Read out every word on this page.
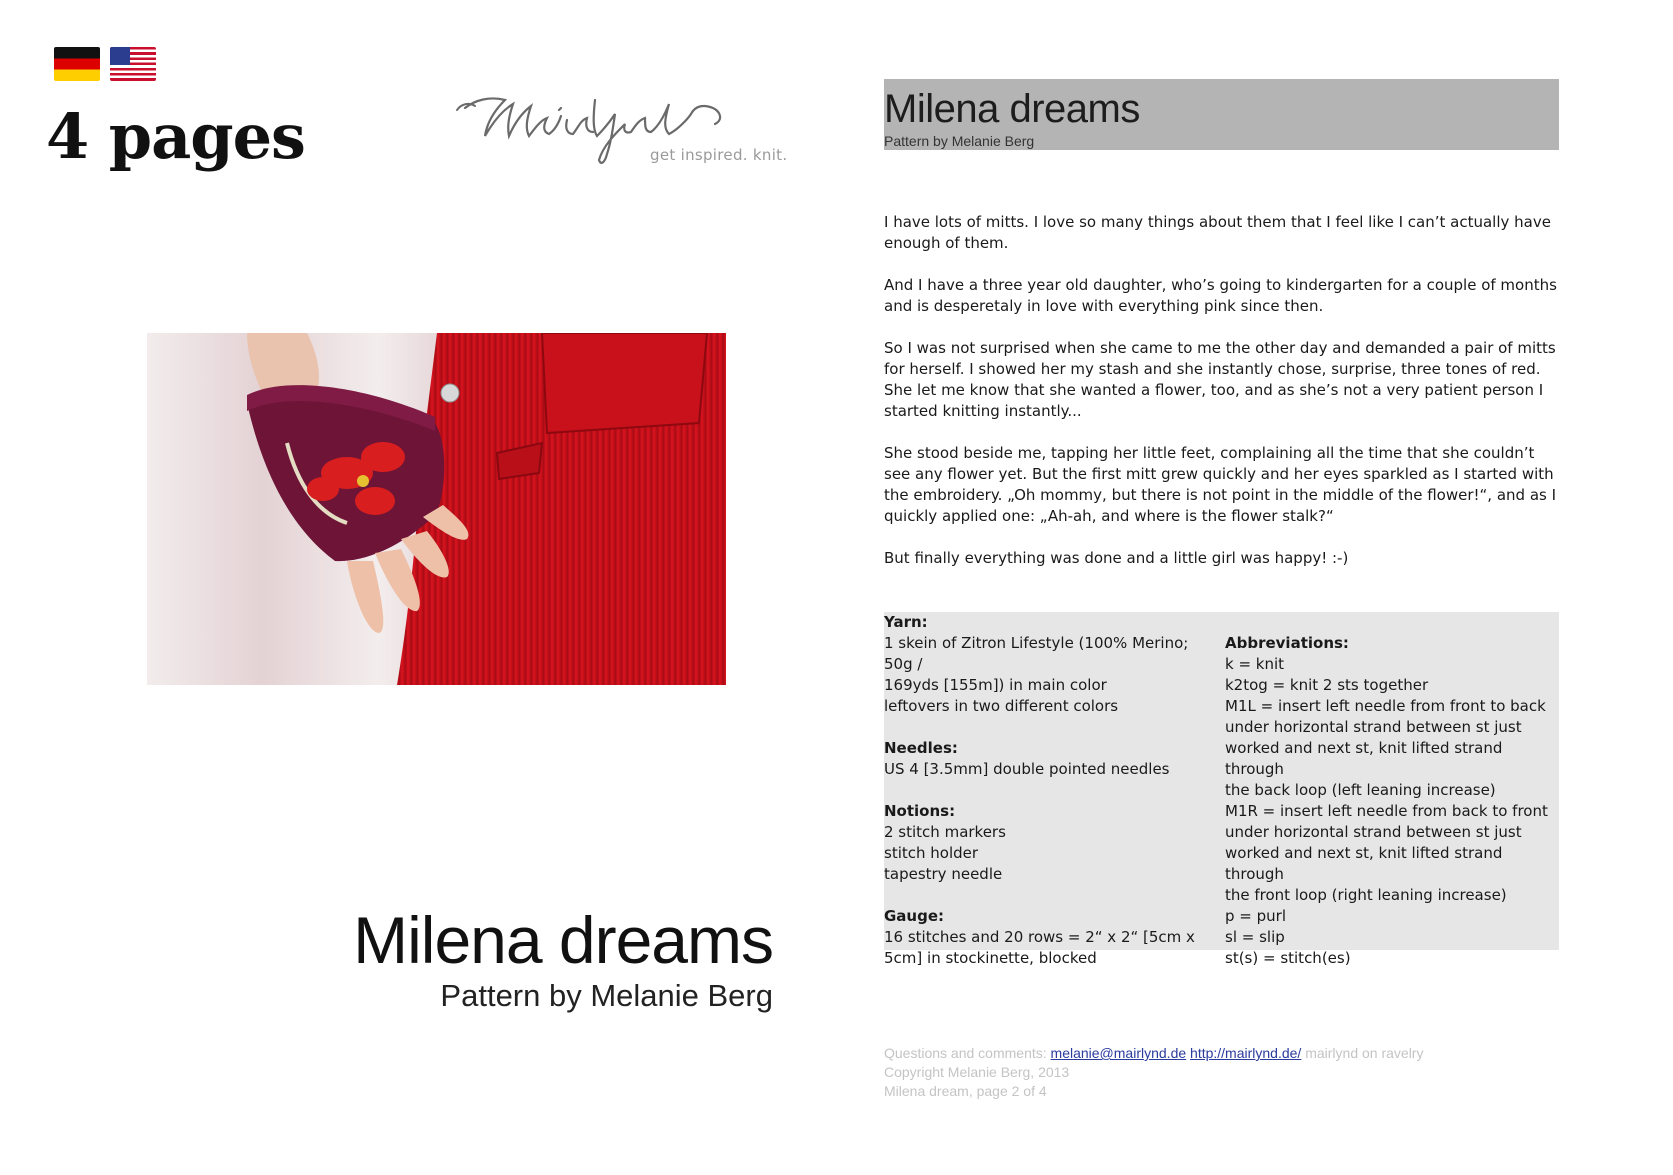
4 pages	get inspired. knit.
Milena dreams
Pattern by Melanie Berg
Milena dreams
Pattern by Melanie Berg

I have lots of mitts. I love so many things about them that I feel like I canʼt actually have enough of them.

And I have a three year old daughter, whoʼs going to kindergarten for a couple of months and is desperetaly in love with everything pink since then.

So I was not surprised when she came to me the other day and demanded a pair of mitts for herself. I showed her my stash and she instantly chose, surprise, three tones of red. She let me know that she wanted a flower, too, and as sheʼs not a very patient person I started knitting instantly...

She stood beside me, tapping her little feet, complaining all the time that she couldnʼt see any flower yet. But the first mitt grew quickly and her eyes sparkled as I started with the embroidery. „Oh mommy, but there is not point in the middle of the flower!“, and as I quickly applied one: „Ah-ah, and where is the flower stalk?“

But finally everything was done and a little girl was happy! :-)

Yarn:
1 skein of Zitron Lifestyle (100% Merino; 50g /
169yds [155m]) in main color
leftovers in two different colors
Needles:
US 4 [3.5mm] double pointed needles
Notions:
2 stitch markers
stitch holder
tapestry needle
Gauge:
16 stitches and 20 rows = 2“ x 2“ [5cm x
5cm] in stockinette, blocked
Abbreviations:
k = knit
k2tog = knit 2 sts together
M1L = insert left needle from front to back
under horizontal strand between st just
worked and next st, knit lifted strand through
the back loop (left leaning increase)
M1R = insert left needle from back to front
under horizontal strand between st just
worked and next st, knit lifted strand through
the front loop (right leaning increase)
p = purl
sl = slip
st(s) = stitch(es)
Questions and comments: melanie@mairlynd.de http://mairlynd.de/ mairlynd on ravelry
Copyright Melanie Berg, 2013
Milena dream, page 2 of 4
